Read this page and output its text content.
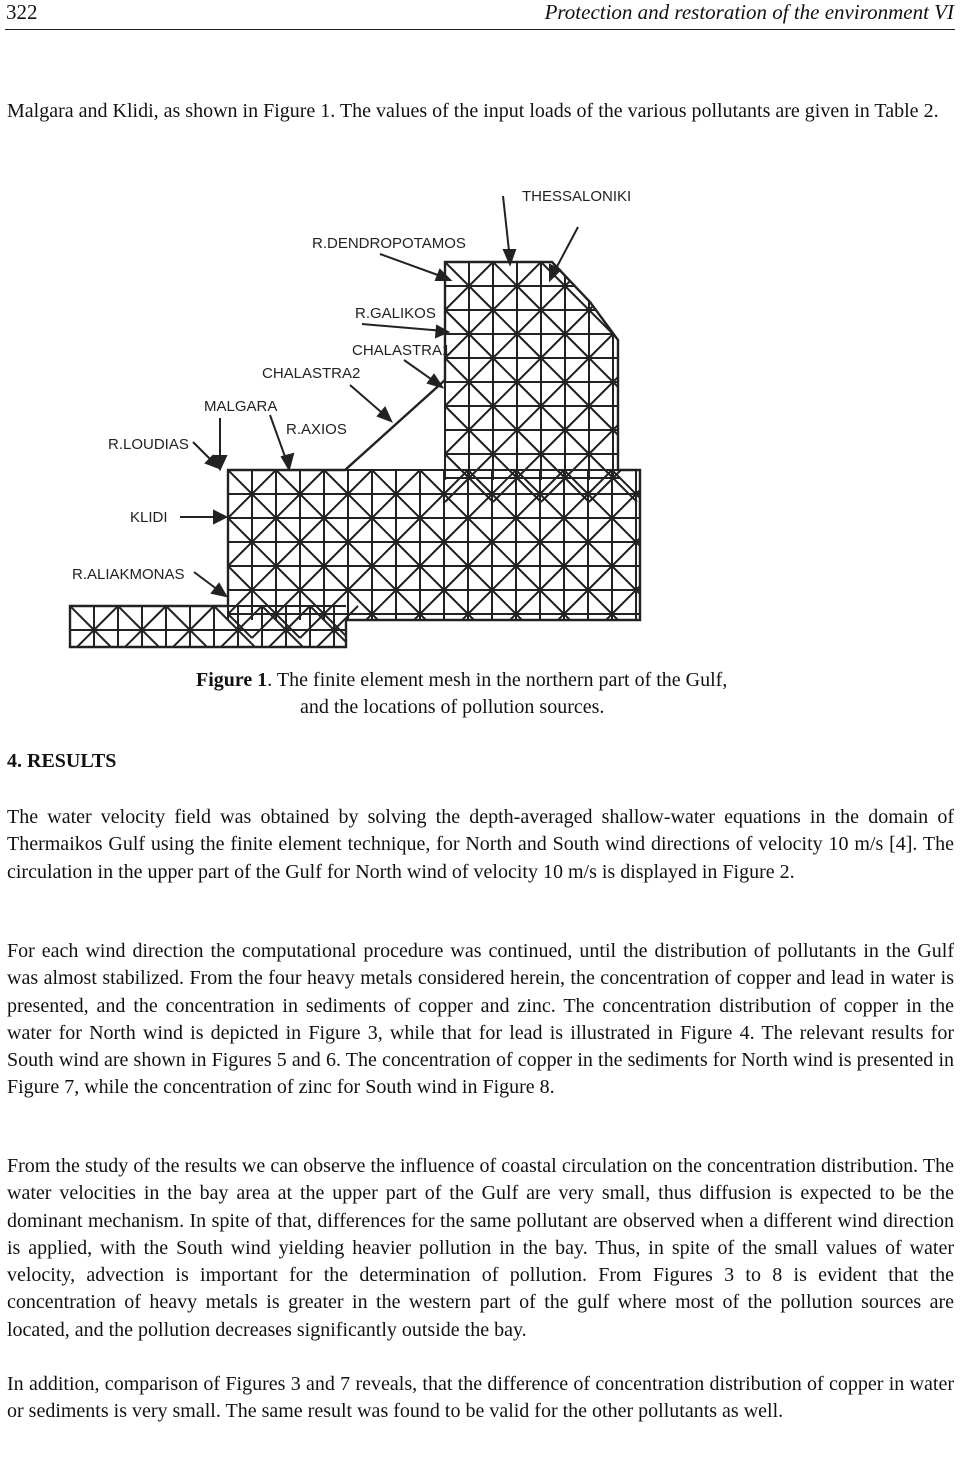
322	Protection and restoration of the environment VI

Malgara and Klidi, as shown in Figure 1. The values of the input loads of the various pollutants are given in Table 2.

THESSALONIKI
R.DENDROPOTAMOS
R.GALIKOS
CHALASTRA1
CHALASTRA2
MALGARA
R.AXIOS
R.LOUDIAS
KLIDI
R.ALIAKMONAS
Figure 1. The finite element mesh in the northern part of the Gulf,
and the locations of pollution sources.
4. RESULTS

The water velocity field was obtained by solving the depth-averaged shallow-water equations in the domain of Thermaikos Gulf using the finite element technique, for North and South wind directions of velocity 10 m/s [4]. The circulation in the upper part of the Gulf for North wind of velocity 10 m/s is displayed in Figure 2.

For each wind direction the computational procedure was continued, until the distribution of pollutants in the Gulf was almost stabilized. From the four heavy metals considered herein, the concentration of copper and lead in water is presented, and the concentration in sediments of copper and zinc. The concentration distribution of copper in the water for North wind is depicted in Figure 3, while that for lead is illustrated in Figure 4. The relevant results for South wind are shown in Figures 5 and 6. The concentration of copper in the sediments for North wind is presented in Figure 7, while the concentration of zinc for South wind in Figure 8.

From the study of the results we can observe the influence of coastal circulation on the concentration distribution. The water velocities in the bay area at the upper part of the Gulf are very small, thus diffusion is expected to be the dominant mechanism. In spite of that, differences for the same pollutant are observed when a different wind direction is applied, with the South wind yielding heavier pollution in the bay. Thus, in spite of the small values of water velocity, advection is important for the determination of pollution. From Figures 3 to 8 is evident that the concentration of heavy metals is greater in the western part of the gulf where most of the pollution sources are located, and the pollution decreases significantly outside the bay.

In addition, comparison of Figures 3 and 7 reveals, that the difference of concentration distribution of copper in water or sediments is very small. The same result was found to be valid for the other pollutants as well.
